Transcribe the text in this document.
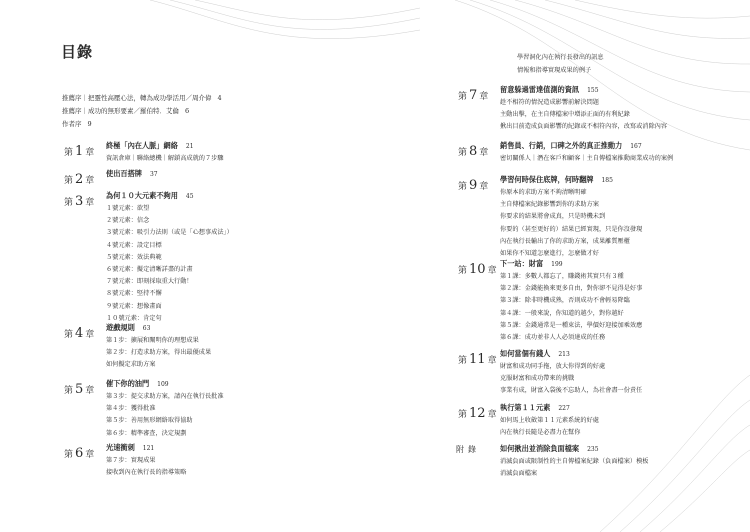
目錄
推薦序｜把靈性高壓心法，轉為成功學活用／周介偉 4
推薦序｜成功的無形要素／羅伯特．艾倫 6
作者序 9
學習洞化內在執行長發出的訊息
情報和指導實現成果的例子
第 1 章
終極「內在人脈」網絡 21
資訊倉庫｜聯絡總機｜解鎖高成就的７步驟
第 2 章
使出百搭牌 37
第 3 章
為何１０大元素不夠用 45
１號元素：欲望
２號元素：信念
３號元素：吸引力法則（或是「心想事成法」）
４號元素：設定目標
５號元素：效法典範
６號元素：擬定清晰詳盡的計畫
７號元素：即刻採取重大行動！
８號元素：堅持不懈
９號元素：想像畫面
１０號元素：肯定句
第 4 章
遊戲規則 63
第１步：擴展和闡明你的理想成果
第２步：打造求助方案，得出最優成果
如何擬定求助方案
第 5 章
催下你的油門 109
第３步：提交求助方案，請內在執行長批准
第４步：獲得批准
第５步：善用無形網絡取得協助
第６步：精準審查，決定規劃
第 6 章
光速衝刺 121
第７步：實現成果
接收到內在執行長的指導策略
第 7 章
留意躲過雷達值測的資訊 155
趁不相符的情況造成影響前解決問題
主動出擊，在主自傳檔案中增添正面的有利紀錄
揪出目前造成負面影響的紀錄或不相符內容，改寫或消除內容
第 8 章
銷售員、行銷，口碑之外的真正推動力 167
密切關係人｜潛在客戶和顧客｜主自傳檔案推動商業成功的案例
第 9 章
學習何時保住底牌，何時翻牌 185
你原本的求助方案不夠清晰明確
主自傳檔案紀錄影響到你的求助方案
你要求的結果將會成真，只是時機未到
你要的（甚至更好的）結果已經實現，只是你沒發現
內在執行長輸出了你的求助方案，成果離質壓櫃
如果你不知道怎麼進行，怎麼做才好
第 10 章
下一站：財富 199
第１課：多數人都忘了，賺錢術其實只有３種
第２課：金錢能換來更多自由，對你卻不見得是好事
第３課：除非時機成熟，否則成功不會輕易降臨
第４課：一般來說，你知道的越少，對你越好
第５課：金錢通常是一種束法，學價好迎接加乘效應
第６課：成功並非人人必須達成的任務
第 11 章
如何當個有錢人 213
財富和成功同手拖，放大你得到的好處
克服財富和成功帶來的挑戰
事業有成，財富入袋後不忘助人，為社會盡一份責任
第 12 章
執行第１１元素 227
如何馬上收斂第１１元素系統的好處
內在執行長隨是必盡力在幫你
附錄	如何揪出並消除負面檔案 235
消滅負面或限制性的主自傳檔案紀錄（負面檔案）模板
消滅負面檔案
